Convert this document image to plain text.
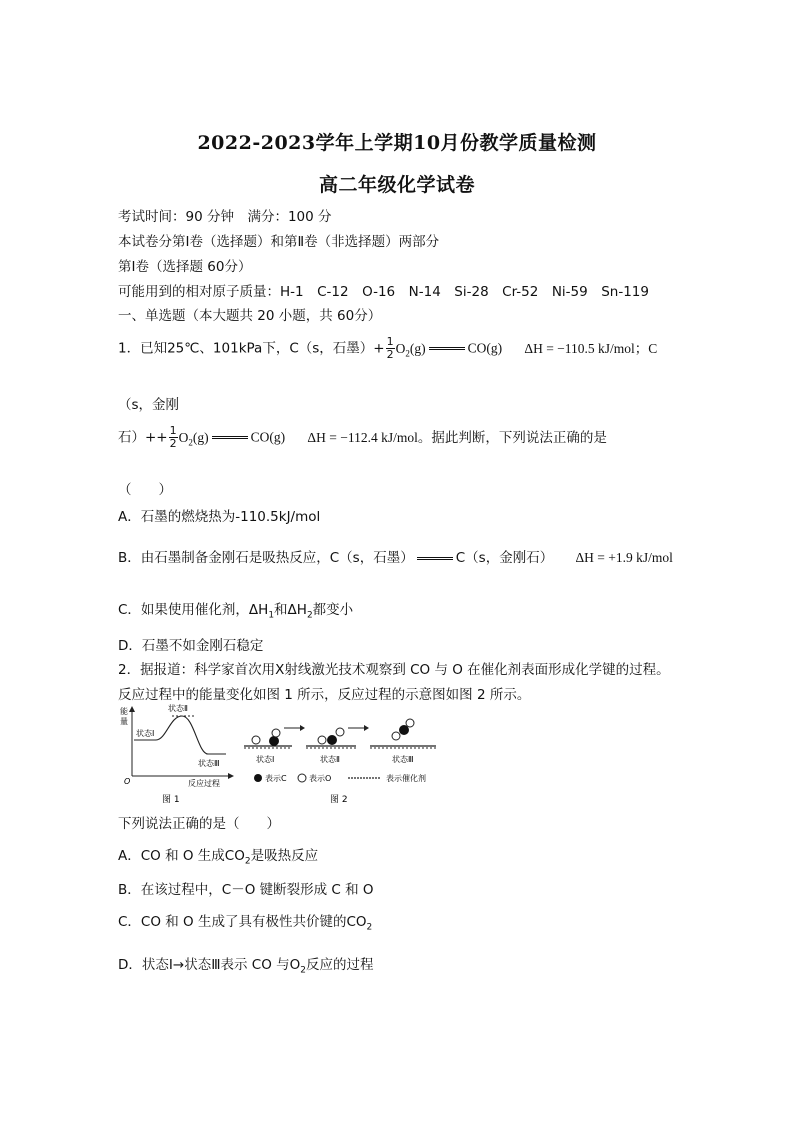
2022-2023学年上学期10月份教学质量检测
高二年级化学试卷
考试时间：90 分钟　满分：100 分
本试卷分第Ⅰ卷（选择题）和第Ⅱ卷（非选择题）两部分
第Ⅰ卷（选择题 60分）
可能用到的相对原子质量：H-1　C-12　O-16　N-14　Si-28　Cr-52　Ni-59　Sn-119
一、单选题（本大题共 20 小题，共 60分）
1．已知25℃、101kPa下，C（s，石墨）+ $\frac{1}{2} O_2(g)$	CO(g) ΔH = −110.5 kJ/mol；C
（s，金刚
石）++ $\frac{1}{2} O_2(g)$	CO(g) ΔH = −112.4 kJ/mol。据此判断，下列说法正确的是
（　　）
A．石墨的燃烧热为-110.5kJ/mol
B．由石墨制备金刚石是吸热反应，C（s，石墨）	C（s，金刚石） ΔH = +1.9 kJ/mol
C．如果使用催化剂，$\Delta H_1$和$\Delta H_2$都变小
D．石墨不如金刚石稳定
2．据报道：科学家首次用X射线激光技术观察到 CO 与 O 在催化剂表面形成化学键的过程。
反应过程中的能量变化如图 1 所示，反应过程的示意图如图 2 所示。
能
量
状态Ⅰ
状态Ⅱ
状态Ⅲ
O	反应过程
图 1
状态Ⅰ	状态Ⅱ	状态Ⅲ
表示C	表示O	表示催化剂
图 2
下列说法正确的是（　　）
A．CO 和 O 生成$CO_2$是吸热反应
B．在该过程中，C－O 键断裂形成 C 和 O
C．CO 和 O 生成了具有极性共价键的$CO_2$
D．状态Ⅰ→状态Ⅲ表示 CO 与$O_2$反应的过程
